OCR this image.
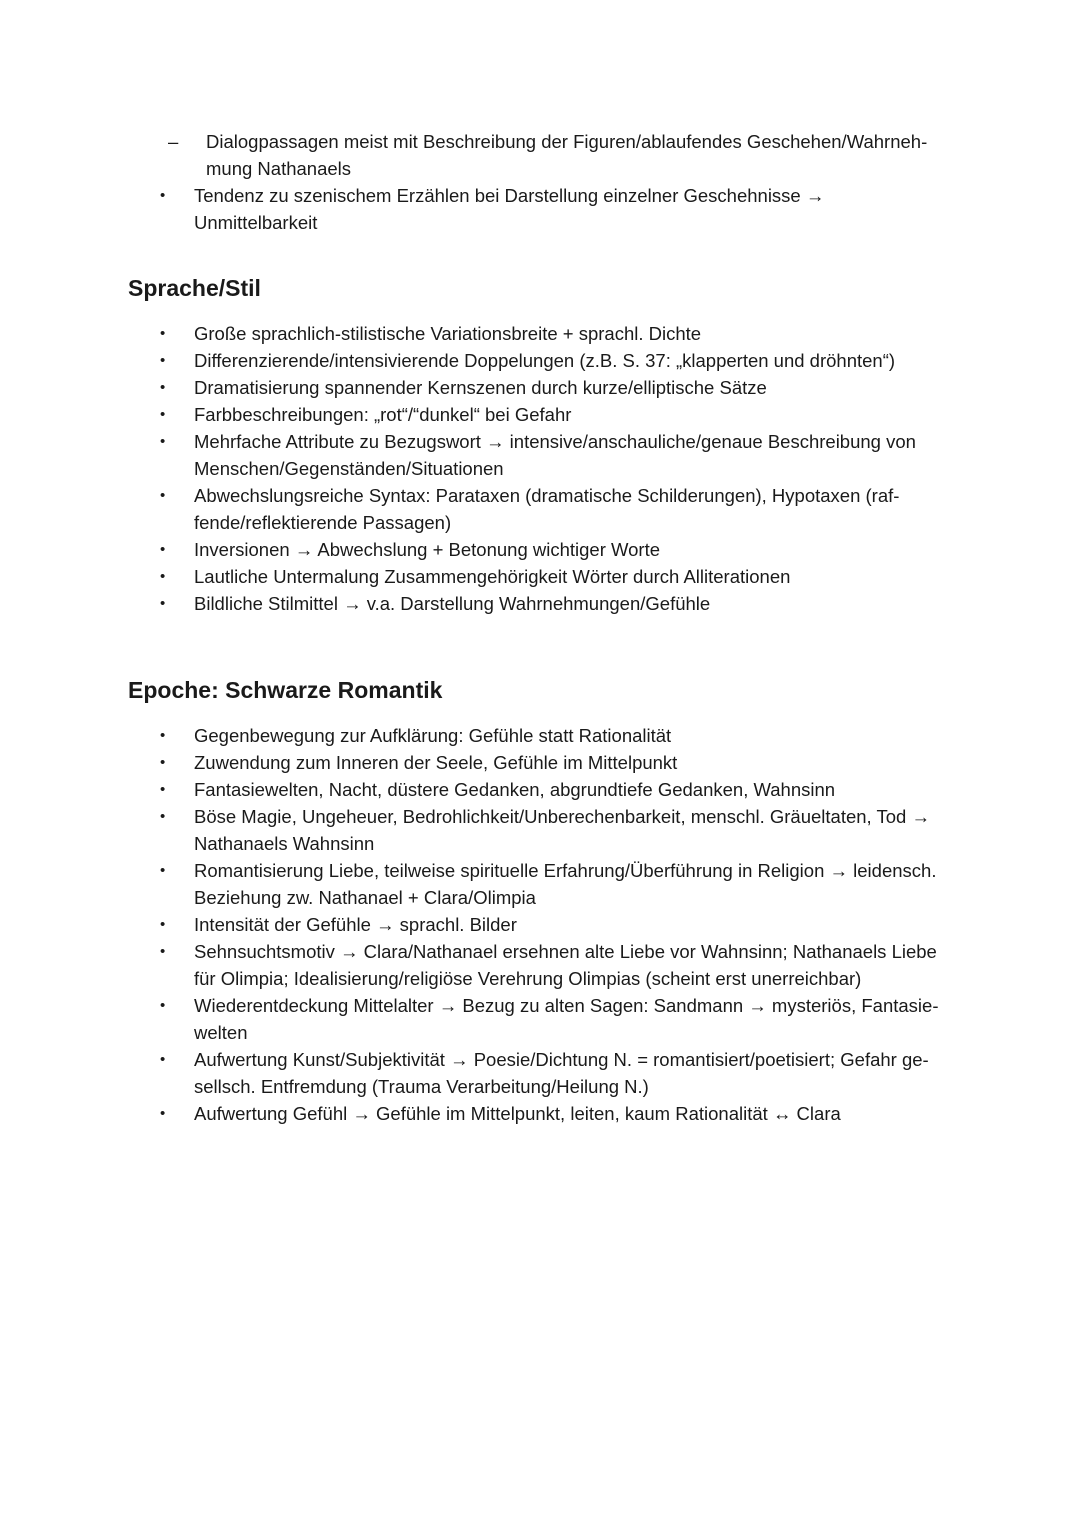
– Dialogpassagen meist mit Beschreibung der Figuren/ablaufendes Geschehen/Wahrneh-mung Nathanaels
• Tendenz zu szenischem Erzählen bei Darstellung einzelner Geschehnisse → Unmittelbarkeit
Sprache/Stil
• Große sprachlich-stilistische Variationsbreite + sprachl. Dichte
• Differenzierende/intensivierende Doppelungen (z.B. S. 37: „klapperten und dröhnten“)
• Dramatisierung spannender Kernszenen durch kurze/elliptische Sätze
• Farbbeschreibungen: „rot“/“dunkel“ bei Gefahr
• Mehrfache Attribute zu Bezugswort → intensive/anschauliche/genaue Beschreibung von Menschen/Gegenständen/Situationen
• Abwechslungsreiche Syntax: Parataxen (dramatische Schilderungen), Hypotaxen (raf-fende/reflektierende Passagen)
• Inversionen → Abwechslung + Betonung wichtiger Worte
• Lautliche Untermalung Zusammengehörigkeit Wörter durch Alliterationen
• Bildliche Stilmittel → v.a. Darstellung Wahrnehmungen/Gefühle
Epoche: Schwarze Romantik
• Gegenbewegung zur Aufklärung: Gefühle statt Rationalität
• Zuwendung zum Inneren der Seele, Gefühle im Mittelpunkt
• Fantasiewelten, Nacht, düstere Gedanken, abgrundtiefe Gedanken, Wahnsinn
• Böse Magie, Ungeheuer, Bedrohlichkeit/Unberechenbarkeit, menschl. Gräueltaten, Tod → Nathanaels Wahnsinn
• Romantisierung Liebe, teilweise spirituelle Erfahrung/Überführung in Religion → leidensch. Beziehung zw. Nathanael + Clara/Olimpia
• Intensität der Gefühle → sprachl. Bilder
• Sehnsuchtsmotiv → Clara/Nathanael ersehnen alte Liebe vor Wahnsinn; Nathanaels Liebe für Olimpia; Idealisierung/religiöse Verehrung Olimpias (scheint erst unerreichbar)
• Wiederentdeckung Mittelalter → Bezug zu alten Sagen: Sandmann → mysteriös, Fantasie-welten
• Aufwertung Kunst/Subjektivität → Poesie/Dichtung N. = romantisiert/poetisiert; Gefahr ge-sellsch. Entfremdung (Trauma Verarbeitung/Heilung N.)
• Aufwertung Gefühl → Gefühle im Mittelpunkt, leiten, kaum Rationalität ↔ Clara
